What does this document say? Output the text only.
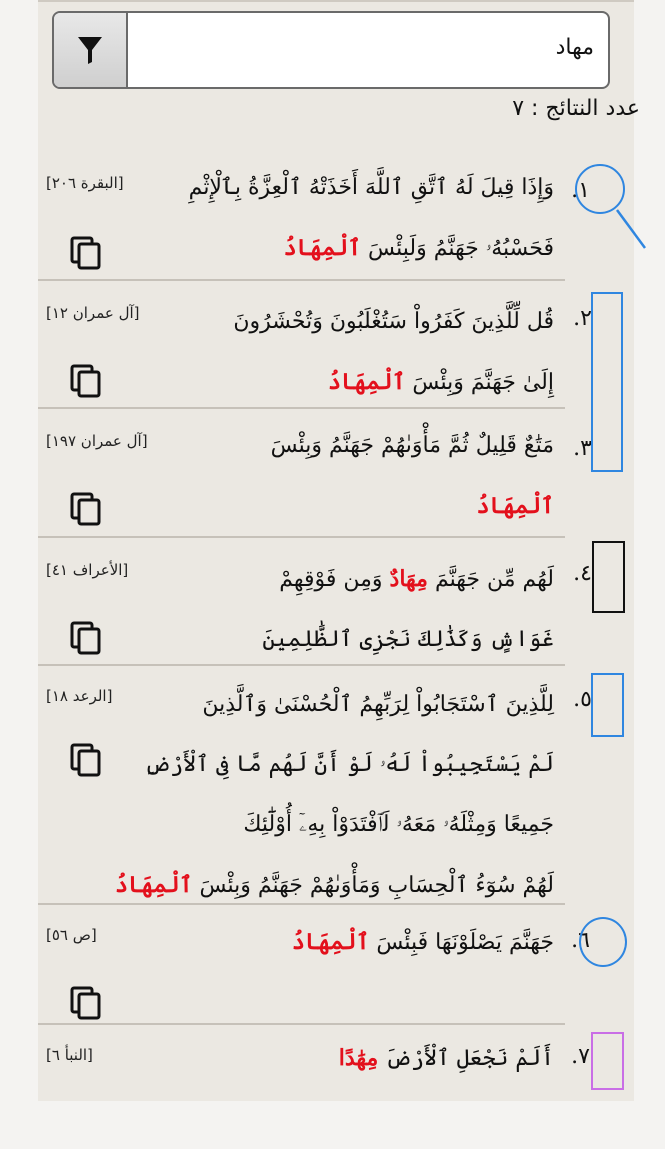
مهاد
عدد النتائج : ٧
١.
وَإِذَا قِيلَ لَهُ ٱتَّقِ ٱللَّهَ أَخَذَتْهُ ٱلْعِزَّةُ بِٱلْإِثْمِ
فَحَسْبُهُۥ جَهَنَّمُ وَلَبِئْسَ ٱلْمِهَادُ
[البقرة ٢٠٦]
٢.
قُل لِّلَّذِينَ كَفَرُواْ سَتُغْلَبُونَ وَتُحْشَرُونَ
إِلَىٰ جَهَنَّمَ وَبِئْسَ ٱلْمِهَادُ
[آل عمران ١٢]
٣.
مَتَٰعٌ قَلِيلٌ ثُمَّ مَأْوَىٰهُمْ جَهَنَّمُ وَبِئْسَ
ٱلْمِهَادُ
[آل عمران ١٩٧]
٤.
لَهُم مِّن جَهَنَّمَ مِهَادٌ وَمِن فَوْقِهِمْ
غَوَاشٍ وَكَذَٰلِكَ نَجْزِى ٱلظَّٰلِمِينَ
[الأعراف ٤١]
٥.
لِلَّذِينَ ٱسْتَجَابُواْ لِرَبِّهِمُ ٱلْحُسْنَىٰ وَٱلَّذِينَ
لَمْ يَسْتَجِيبُواْ لَهُۥ لَوْ أَنَّ لَهُم مَّا فِى ٱلْأَرْضِ
جَمِيعًا وَمِثْلَهُۥ مَعَهُۥ لَٱفْتَدَوْاْ بِهِۦٓ أُوْلَٰٓئِكَ
لَهُمْ سُوٓءُ ٱلْحِسَابِ وَمَأْوَىٰهُمْ جَهَنَّمُ وَبِئْسَ ٱلْمِهَادُ
[الرعد ١٨]
٦.
جَهَنَّمَ يَصْلَوْنَهَا فَبِئْسَ ٱلْمِهَادُ
[ص ٥٦]
٧.
أَلَمْ نَجْعَلِ ٱلْأَرْضَ مِهَٰدًا
[النبأ ٦]
